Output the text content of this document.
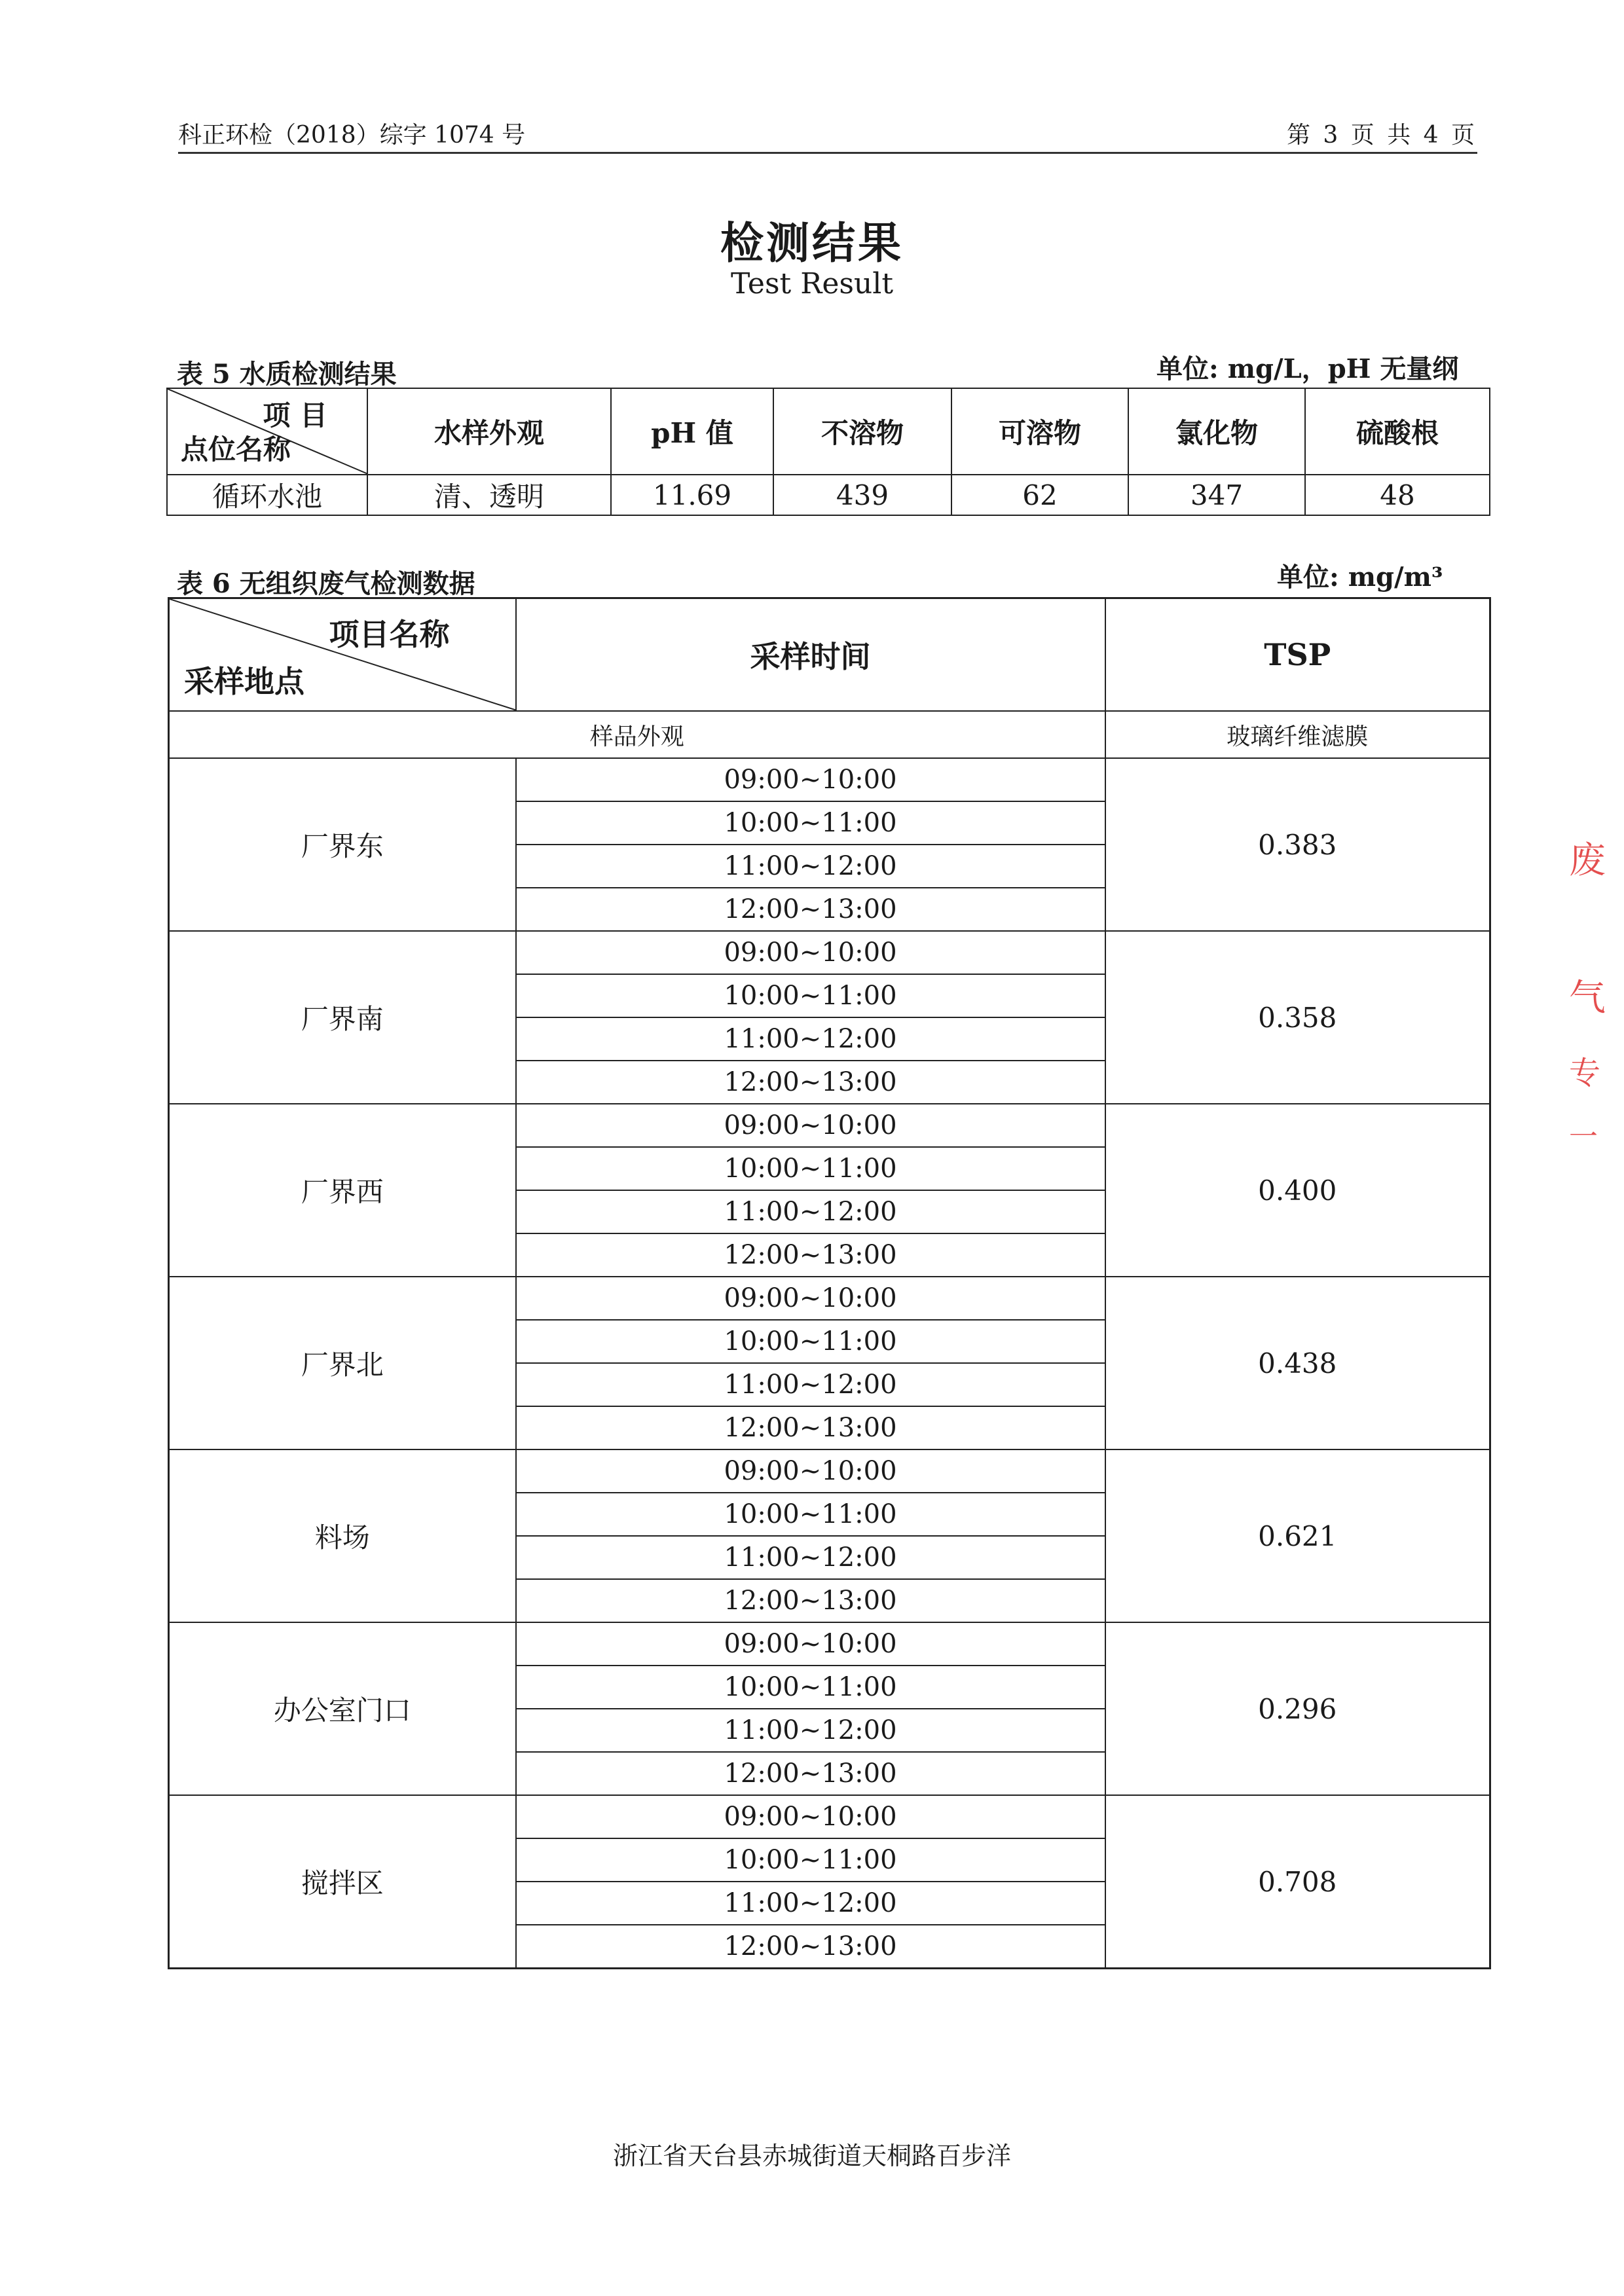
科正环检（2018）综字 1074 号	第 3 页 共 4 页
检测结果
Test Result
表 5 水质检测结果	单位: mg/L，pH 无量纲
项 目
点位名称	水样外观	pH 值	不溶物	可溶物	氯化物	硫酸根
循环水池	清、透明	11.69	439	62	347	48
表 6 无组织废气检测数据	单位: mg/m³
项目名称
采样地点	采样时间	TSP
样品外观		玻璃纤维滤膜
厂界东	09:00~10:00	0.383
	10:00~11:00	
	11:00~12:00	
	12:00~13:00	
厂界南	09:00~10:00	0.358
	10:00~11:00	
	11:00~12:00	
	12:00~13:00	
厂界西	09:00~10:00	0.400
	10:00~11:00	
	11:00~12:00	
	12:00~13:00	
厂界北	09:00~10:00	0.438
	10:00~11:00	
	11:00~12:00	
	12:00~13:00	
料场	09:00~10:00	0.621
	10:00~11:00	
	11:00~12:00	
	12:00~13:00	
办公室门口	09:00~10:00	0.296
	10:00~11:00	
	11:00~12:00	
	12:00~13:00	
搅拌区	09:00~10:00	0.708
	10:00~11:00	
	11:00~12:00	
	12:00~13:00	
浙江省天台县赤城街道天桐路百步洋
废
气
专
一
